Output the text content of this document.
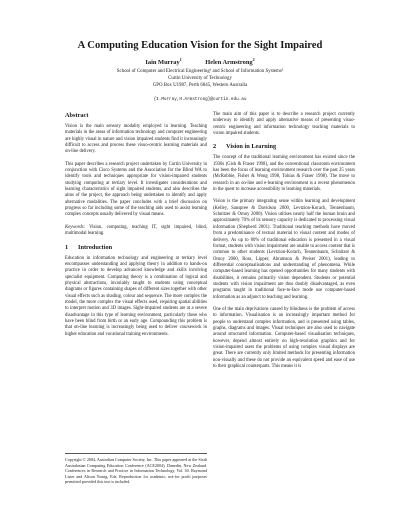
A Computing Education Vision for the Sight Impaired
Iain Murray$^1$	Helen Armstrong$^2$
School of Computer and Electrical Engineering¹ and School of Information Systems²
Curtin University of Technology
GPO Box U1987, Perth 6845, Western Australia
{I.Murray,H.Armstrong}@curtin.edu.au
Abstract

Vision is the main sensory modality employed in learning. Teaching materials in the areas of information technology and computer engineering are highly visual in nature and vision impaired students find it increasingly difficult to access and process these visuo-centric learning materials and on-line delivery.

This paper describes a research project undertaken by Curtin University in conjunction with Cisco Systems and the Association for the Blind WA to identify tools and techniques appropriate for vision-impaired students studying computing at tertiary level. It investigates considerations and learning characteristics of sight impaired students, and also describes the aims of the project, the approach being undertaken to identify and apply alternative modalities. The paper concludes with a brief discussion on progress so far including some of the teaching aids used to assist learning complex concepts usually delivered by visual means.

Keywords: Vision, computing, teaching IT, sight impaired, blind, multimodal learning.

1 Introduction

Education in information technology and engineering at tertiary level encompasses understanding and applying theory in addition to hands-on practice in order to develop advanced knowledge and skills involving specialist equipment. Computing theory is a combination of logical and physical abstractions, invariably taught to students using conceptual diagrams or figures containing shapes of different sizes together with other visual effects such as shading, colour and sequence. The more complex the model, the more complex the visual effects used, requiring spatial abilities to interpret motion and 3D images. Sight-impaired students are at a severe disadvantage in this type of learning environment, particularly those who have been blind from birth or an early age. Compounding this problem is that on-line learning is increasingly being used to deliver coursework in higher education and vocational training environments.

Copyright © 2004, Australian Computer Society, Inc. This paper appeared at the Sixth Australasian Computing Education Conference (ACE2004), Dunedin, New Zealand. Conferences in Research and Practice in Information Technology, Vol. 30. Raymond Lister and Alison Young, Eds. Reproduction for academic, not-for profit purposes permitted provided this text is included.

The main aim of this paper is to describe a research project currently underway to identify and apply alternative means of presenting visuo-centric engineering and information technology teaching materials to vision impaired students.

2 Vision in Learning

The concept of the traditional learning environment has existed since the 1930s (Gish & Fraser 1998), and the conventional classroom environment has been the focus of learning environment research over the past 25 years (McRobbie, Fisher & Wong 1998, Tobias & Fraser 1998). The move to research in an on-line and e-learning environment is a recent phenomenon in the quest to increase accessibility to learning materials.

Vision is the primary integrating sense within learning and development (Kelley, Sanspree & Davidson 2000, Levtzion-Korach, Tennenbaum, Schnitzer & Ornoy 2000). Vision utilises nearly half the human brain and approximately 70% of its sensory capacity is dedicated to processing visual information (Shepherd 2001). Traditional teaching methods have moved from a predominance of textual material to visual content and modes of delivery. As up to 80% of traditional education is presented in a visual format, students with vision impairment are unable to access content that is common to other students (Levtzion-Korach, Tennenbaum, Schnitzer & Ornoy 2000, Ross, Lipper, Abramson & Preiser 2001), leading to differential conceptualisations and understanding of phenomena. While computer-based learning has opened opportunities for many students with disabilities, it remains primarily vision dependent. Students or potential students with vision impairment are thus doubly disadvantaged, as even programs taught in traditional face-to-face mode use computer-based information as an adjunct to teaching and learning.

One of the main deprivations caused by blindness is the problem of access to information. Visualisation is an increasingly important method for people to understand complex information, and is presented using tables, graphs, diagrams and images. Visual techniques are also used to navigate around structured information. Computer-based visualisation techniques, however, depend almost entirely on high-resolution graphics and for vision-impaired users the problems of using complex visual displays are great. There are currently only limited methods for presenting information non-visually and these do not provide an equivalent speed and ease of use to their graphical counterparts. This means it is
